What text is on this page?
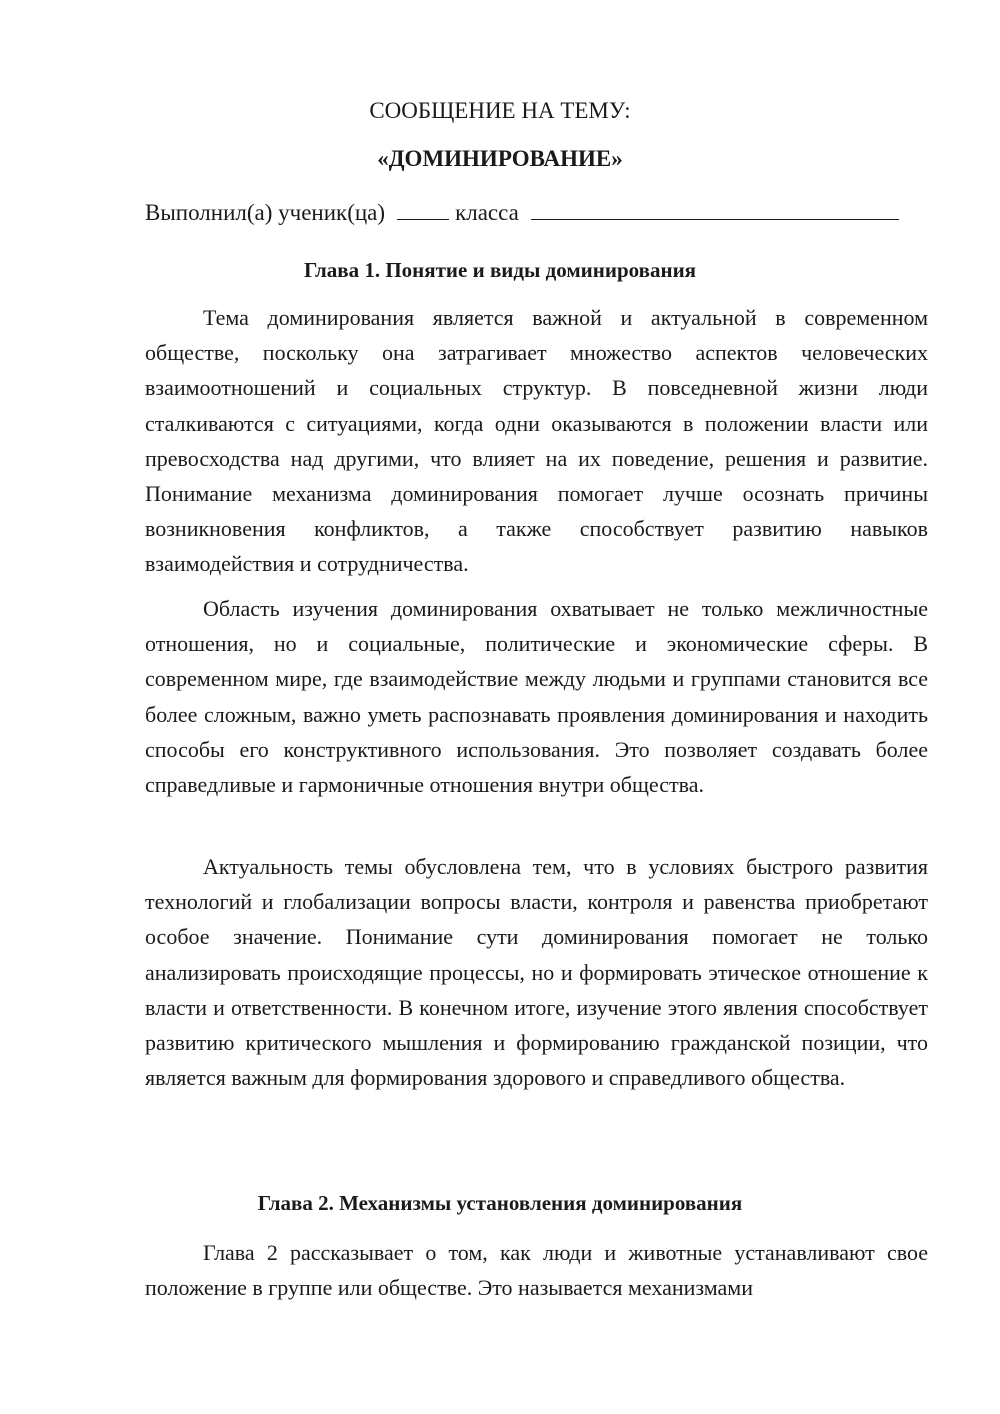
СООБЩЕНИЕ НА ТЕМУ:
«ДОМИНИРОВАНИЕ»
Выполнил(а) ученик(ца)	класса
Глава 1. Понятие и виды доминирования

Тема доминирования является важной и актуальной в современном обществе, поскольку она затрагивает множество аспектов человеческих взаимоотношений и социальных структур. В повседневной жизни люди сталкиваются с ситуациями, когда одни оказываются в положении власти или превосходства над другими, что влияет на их поведение, решения и развитие. Понимание механизма доминирования помогает лучше осознать причины возникновения конфликтов, а также способствует развитию навыков взаимодействия и сотрудничества.

Область изучения доминирования охватывает не только межличностные отношения, но и социальные, политические и экономические сферы. В современном мире, где взаимодействие между людьми и группами становится все более сложным, важно уметь распознавать проявления доминирования и находить способы его конструктивного использования. Это позволяет создавать более справедливые и гармоничные отношения внутри общества.

Актуальность темы обусловлена тем, что в условиях быстрого развития технологий и глобализации вопросы власти, контроля и равенства приобретают особое значение. Понимание сути доминирования помогает не только анализировать происходящие процессы, но и формировать этическое отношение к власти и ответственности. В конечном итоге, изучение этого явления способствует развитию критического мышления и формированию гражданской позиции, что является важным для формирования здорового и справедливого общества.

Глава 2. Механизмы установления доминирования

Глава 2 рассказывает о том, как люди и животные устанавливают свое положение в группе или обществе. Это называется механизмами
